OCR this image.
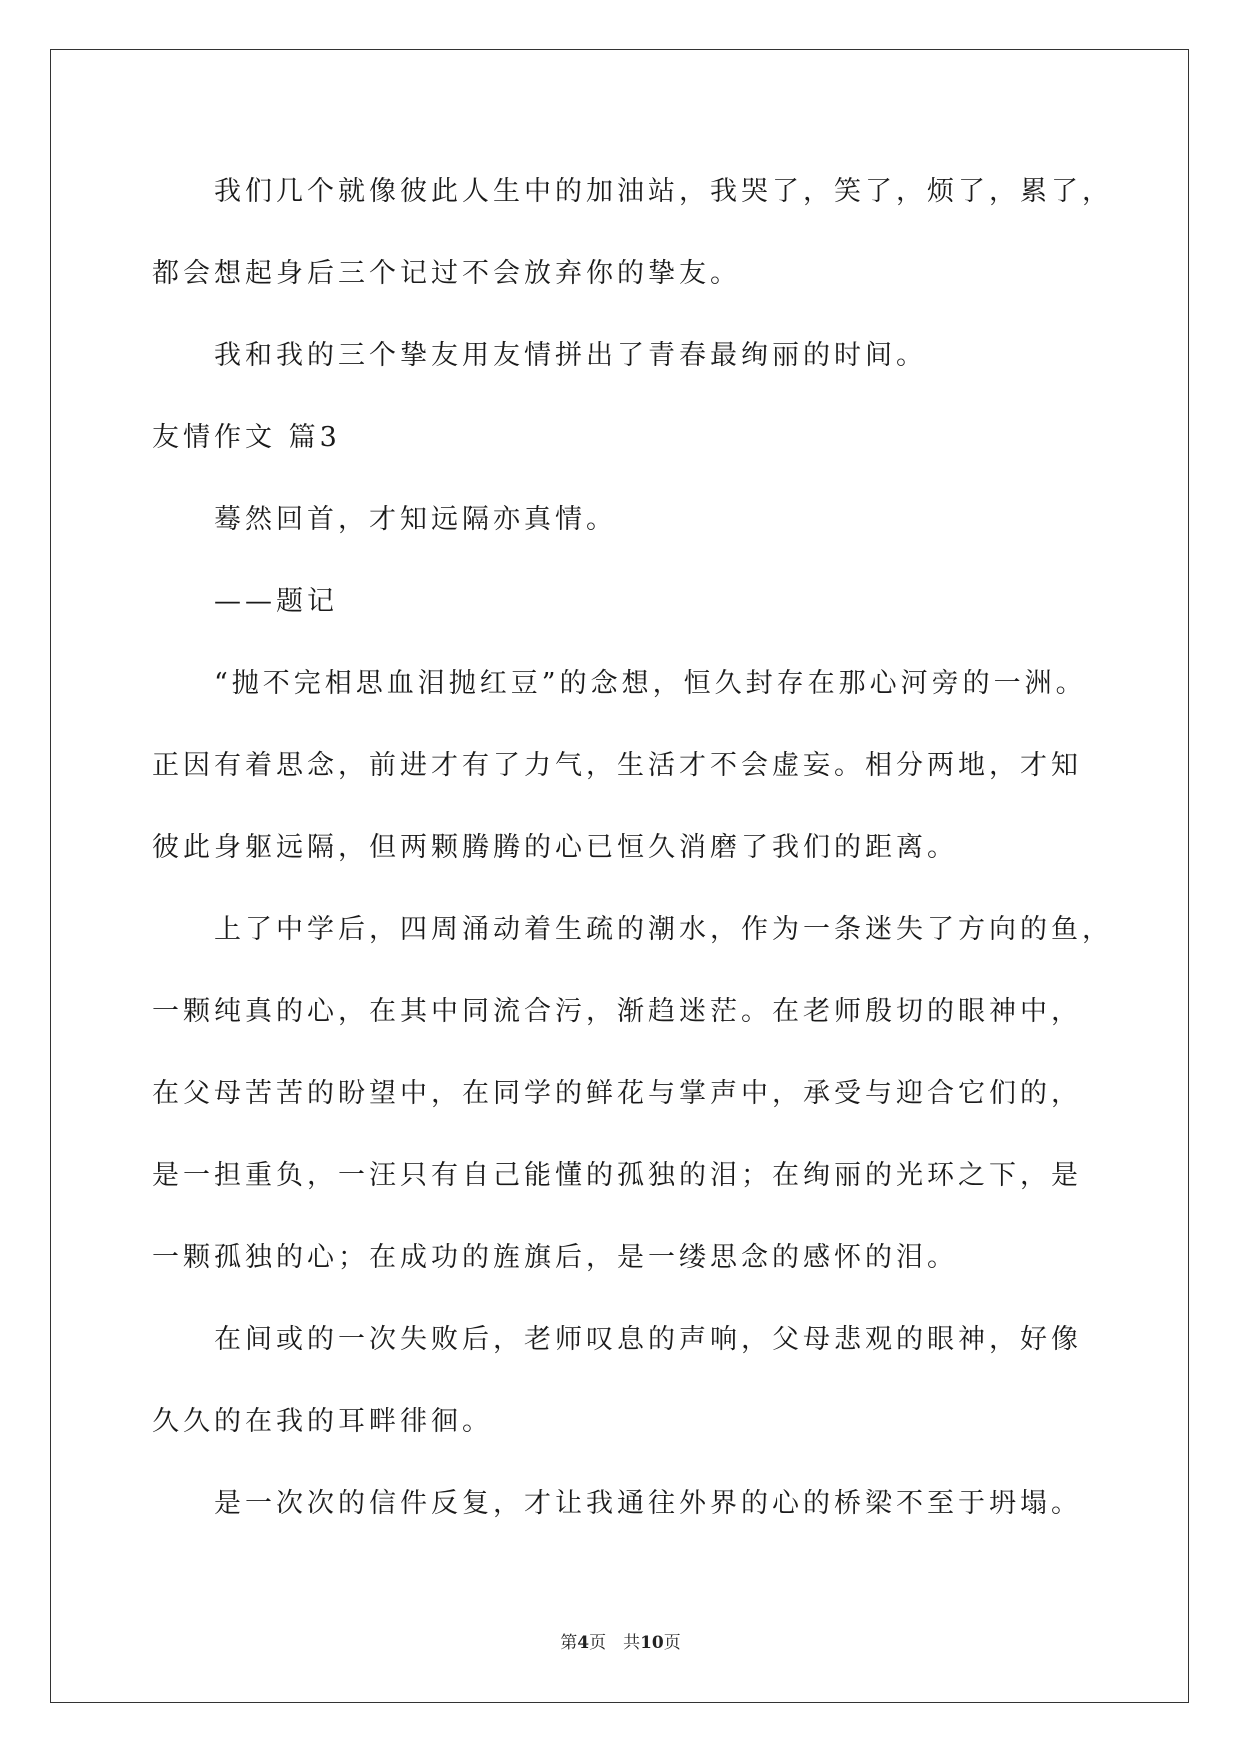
我们几个就像彼此人生中的加油站，我哭了，笑了，烦了，累了，
都会想起身后三个记过不会放弃你的挚友。
我和我的三个挚友用友情拼出了青春最绚丽的时间。
友情作文 篇3
蓦然回首，才知远隔亦真情。
——题记
“抛不完相思血泪抛红豆”的念想，恒久封存在那心河旁的一洲。
正因有着思念，前进才有了力气，生活才不会虚妄。相分两地，才知
彼此身躯远隔，但两颗腾腾的心已恒久消磨了我们的距离。
上了中学后，四周涌动着生疏的潮水，作为一条迷失了方向的鱼，
一颗纯真的心，在其中同流合污，渐趋迷茫。在老师殷切的眼神中，
在父母苦苦的盼望中，在同学的鲜花与掌声中，承受与迎合它们的，
是一担重负，一汪只有自己能懂的孤独的泪；在绚丽的光环之下，是
一颗孤独的心；在成功的旌旗后，是一缕思念的感怀的泪。
在间或的一次失败后，老师叹息的声响，父母悲观的眼神，好像
久久的在我的耳畔徘徊。
是一次次的信件反复，才让我通往外界的心的桥梁不至于坍塌。
第4页　共10页
